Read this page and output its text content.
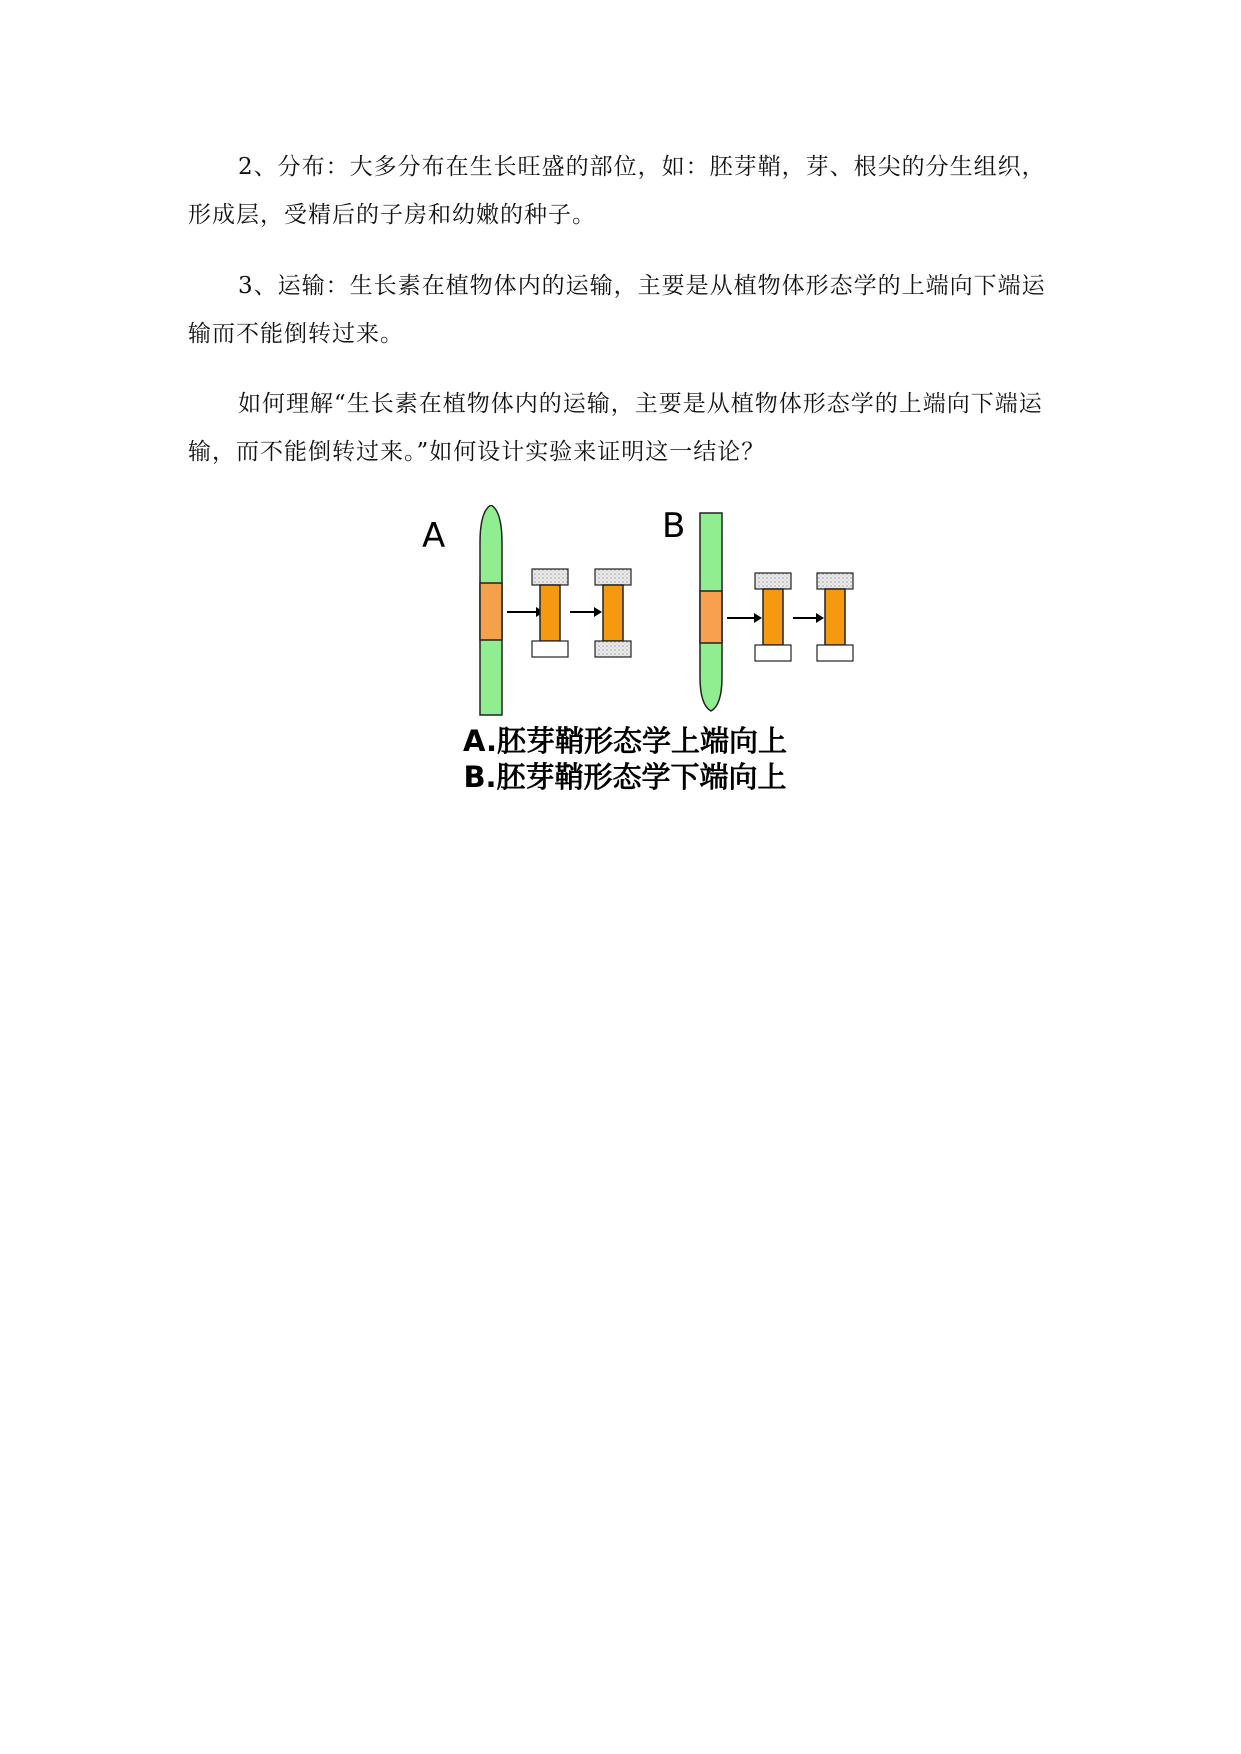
2、分布：大多分布在生长旺盛的部位，如：胚芽鞘，芽、根尖的分生组织，形成层，受精后的子房和幼嫩的种子。

3、运输：生长素在植物体内的运输，主要是从植物体形态学的上端向下端运输而不能倒转过来。

如何理解“生长素在植物体内的运输，主要是从植物体形态学的上端向下端运输，而不能倒转过来。”如何设计实验来证明这一结论？

A	B
A.胚芽鞘形态学上端向上
B.胚芽鞘形态学下端向上
